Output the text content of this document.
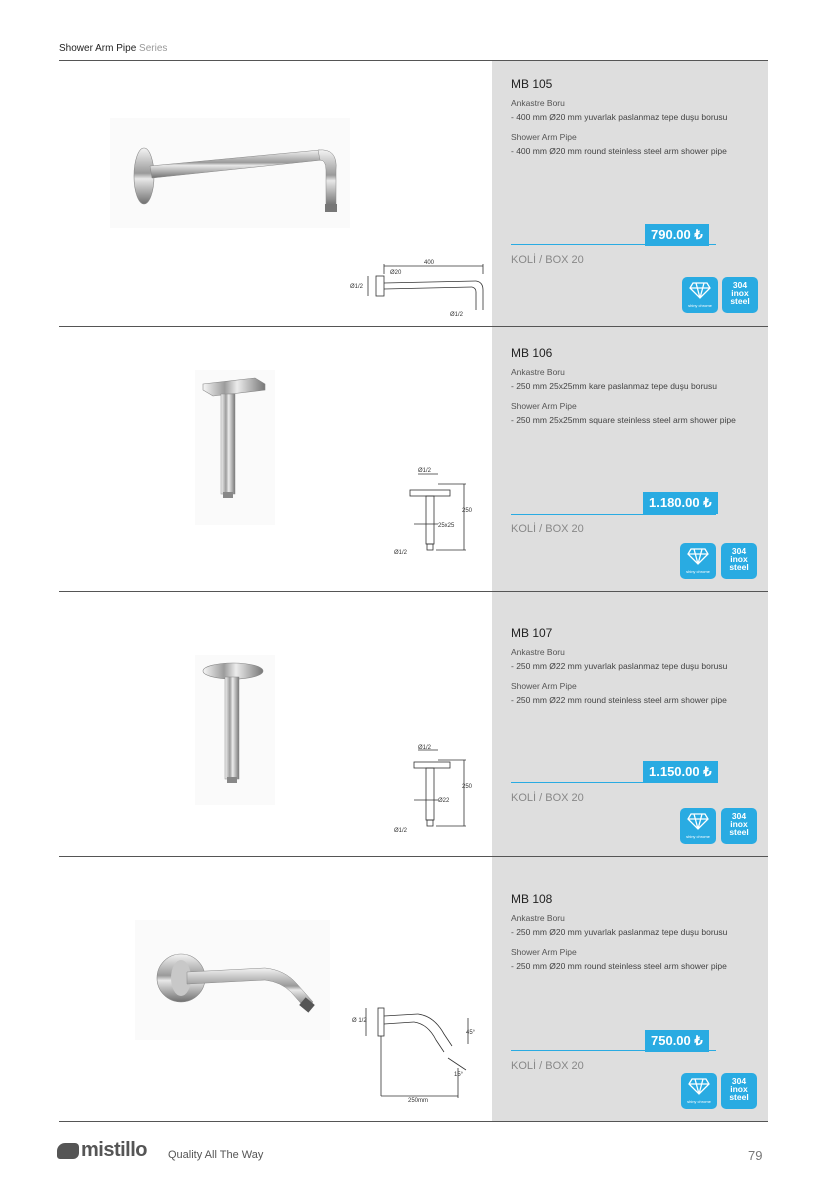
Shower Arm Pipe Series
400
Ø20
Ø1/2
Ø1/2
MB 105
Ankastre Boru
- 400 mm Ø20 mm yuvarlak paslanmaz tepe duşu borusu
Shower Arm Pipe
- 400 mm Ø20 mm round steinless steel arm shower pipe
790.00 ₺
KOLİ / BOX 20
shiny chrome
304
inox
steel
Ø1/2
250
25x25
Ø1/2
MB 106
Ankastre Boru
- 250 mm 25x25mm kare paslanmaz tepe duşu borusu
Shower Arm Pipe
- 250 mm 25x25mm square steinless steel arm shower pipe
1.180.00 ₺
KOLİ / BOX 20
shiny chrome
304
inox
steel
Ø1/2
250
Ø22
Ø1/2
MB 107
Ankastre Boru
- 250 mm Ø22 mm yuvarlak paslanmaz tepe duşu borusu
Shower Arm Pipe
- 250 mm Ø22 mm round steinless steel arm shower pipe
1.150.00 ₺
KOLİ / BOX 20
shiny chrome
304
inox
steel
Ø 1/2
250mm
45°
15°
MB 108
Ankastre Boru
- 250 mm Ø20 mm yuvarlak paslanmaz tepe duşu borusu
Shower Arm Pipe
- 250 mm Ø20 mm round steinless steel arm shower pipe
750.00 ₺
KOLİ / BOX 20
shiny chrome
304
inox
steel
mistillo Quality All The Way	79
